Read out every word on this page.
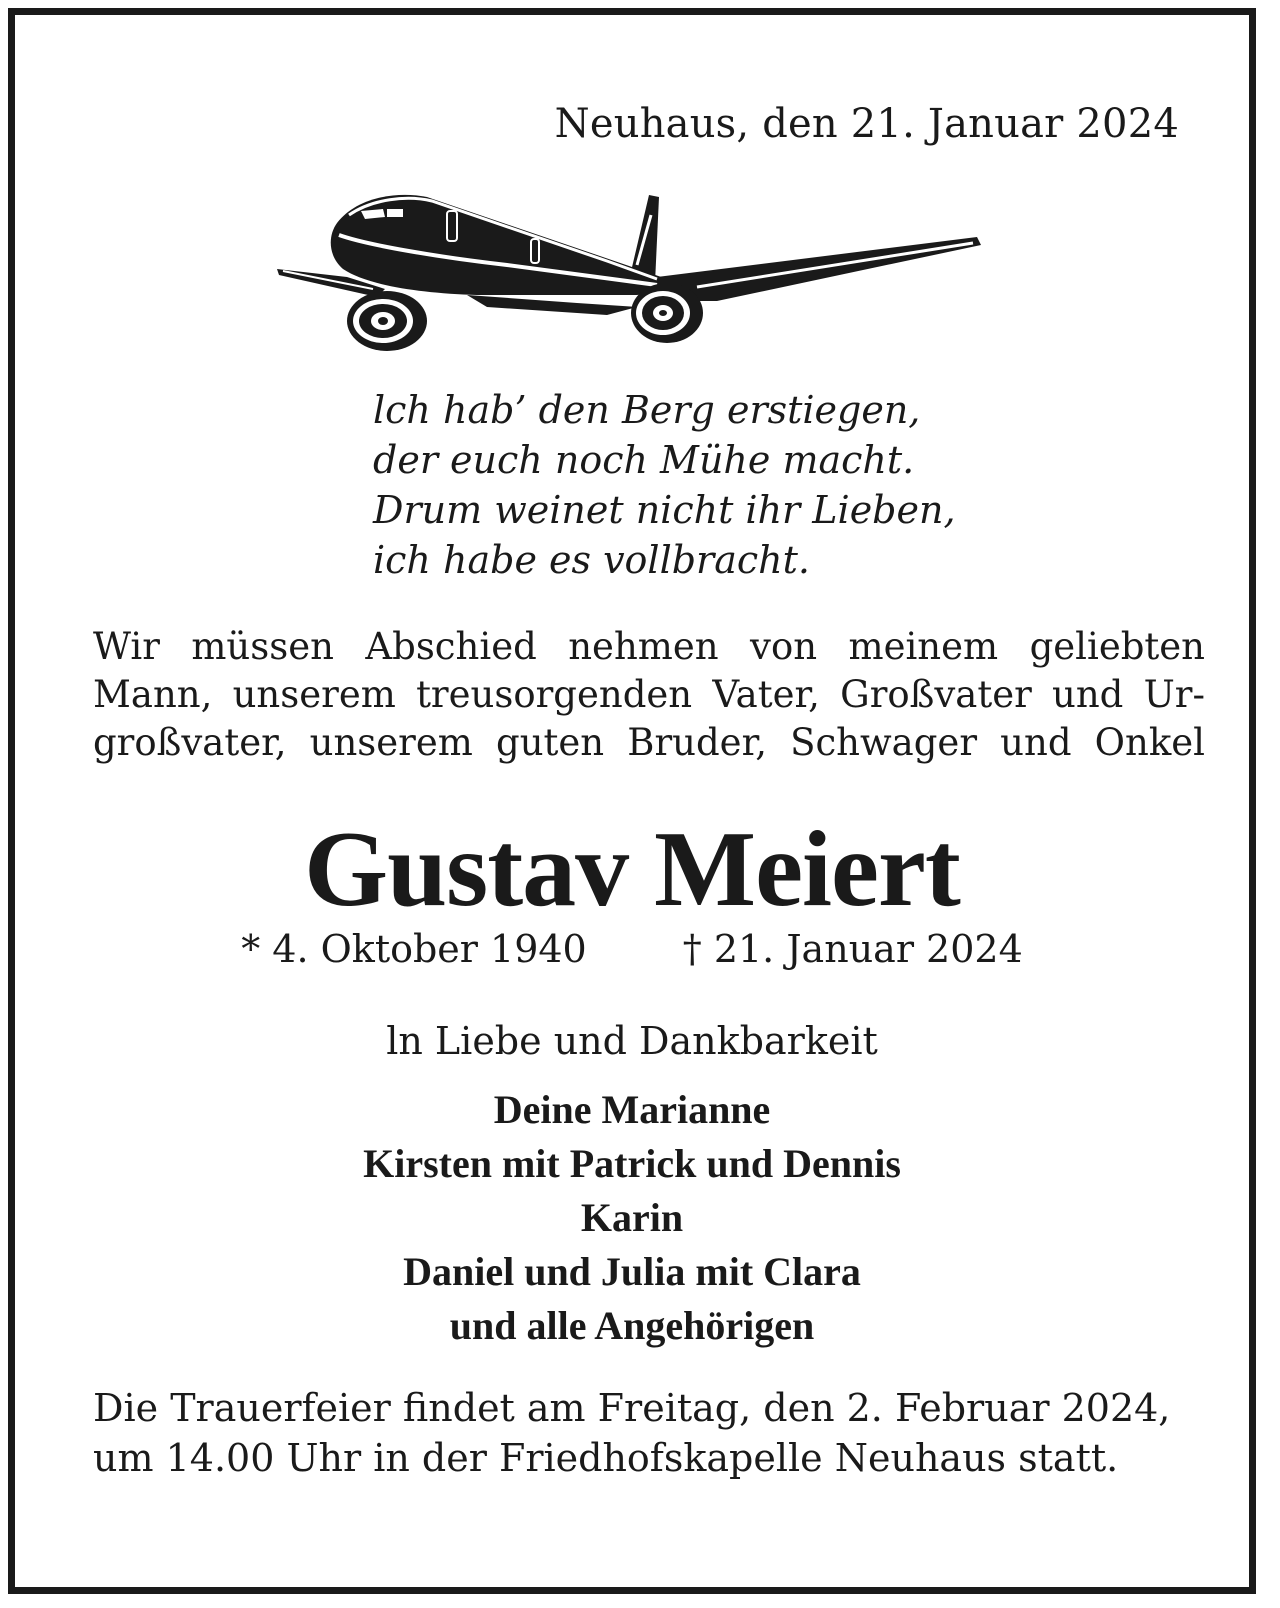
Neuhaus, den 21. Januar 2024
lch hab’ den Berg erstiegen,
der euch noch Mühe macht.
Drum weinet nicht ihr Lieben,
ich habe es vollbracht.
Wir müssen Abschied nehmen von meinem geliebten
Mann, unserem treusorgenden Vater, Großvater und Ur-
großvater, unserem guten Bruder, Schwager und Onkel
Gustav Meiert
* 4. Oktober 1940	† 21. Januar 2024
ln Liebe und Dankbarkeit
Deine Marianne
Kirsten mit Patrick und Dennis
Karin
Daniel und Julia mit Clara
und alle Angehörigen
Die Trauerfeier findet am Freitag, den 2. Februar 2024,
um 14.00 Uhr in der Friedhofskapelle Neuhaus statt.
